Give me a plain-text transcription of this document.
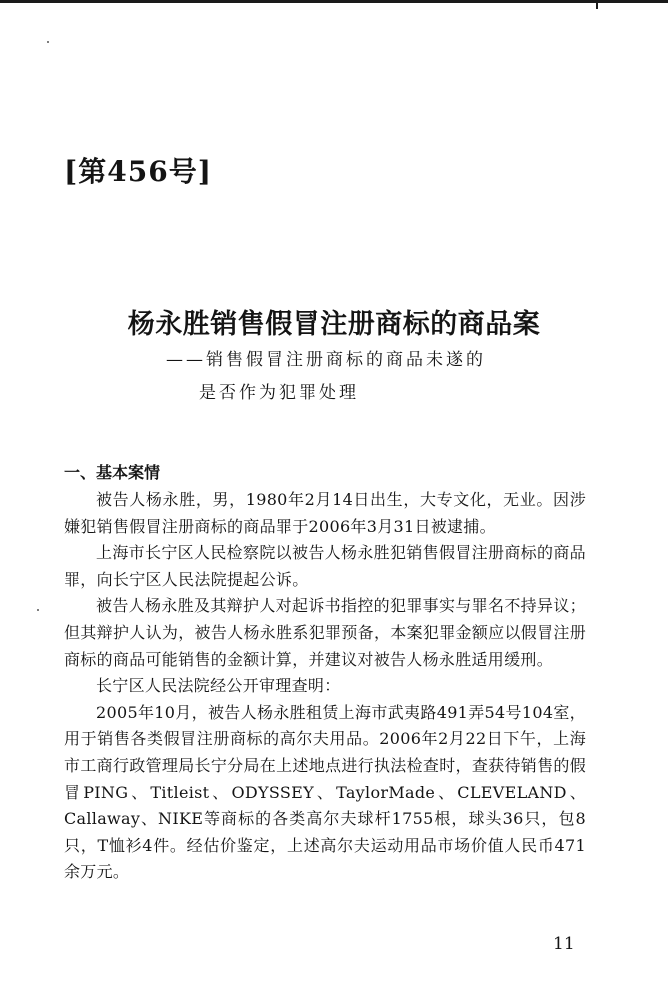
[第456号]
杨永胜销售假冒注册商标的商品案

——销售假冒注册商标的商品未遂的

是否作为犯罪处理

一、基本案情

被告人杨永胜，男，1980年2月14日出生，大专文化，无业。因涉嫌犯销售假冒注册商标的商品罪于2006年3月31日被逮捕。

上海市长宁区人民检察院以被告人杨永胜犯销售假冒注册商标的商品罪，向长宁区人民法院提起公诉。

被告人杨永胜及其辩护人对起诉书指控的犯罪事实与罪名不持异议；但其辩护人认为，被告人杨永胜系犯罪预备，本案犯罪金额应以假冒注册商标的商品可能销售的金额计算，并建议对被告人杨永胜适用缓刑。

长宁区人民法院经公开审理查明：

2005年10月，被告人杨永胜租赁上海市武夷路491弄54号104室，用于销售各类假冒注册商标的高尔夫用品。2006年2月22日下午，上海市工商行政管理局长宁分局在上述地点进行执法检查时，查获待销售的假冒PING、Titleist、ODYSSEY、TaylorMade、CLEVELAND、Callaway、NIKE等商标的各类高尔夫球杆1755根，球头36只，包8只，T恤衫4件。经估价鉴定，上述高尔夫运动用品市场价值人民币471余万元。

11
